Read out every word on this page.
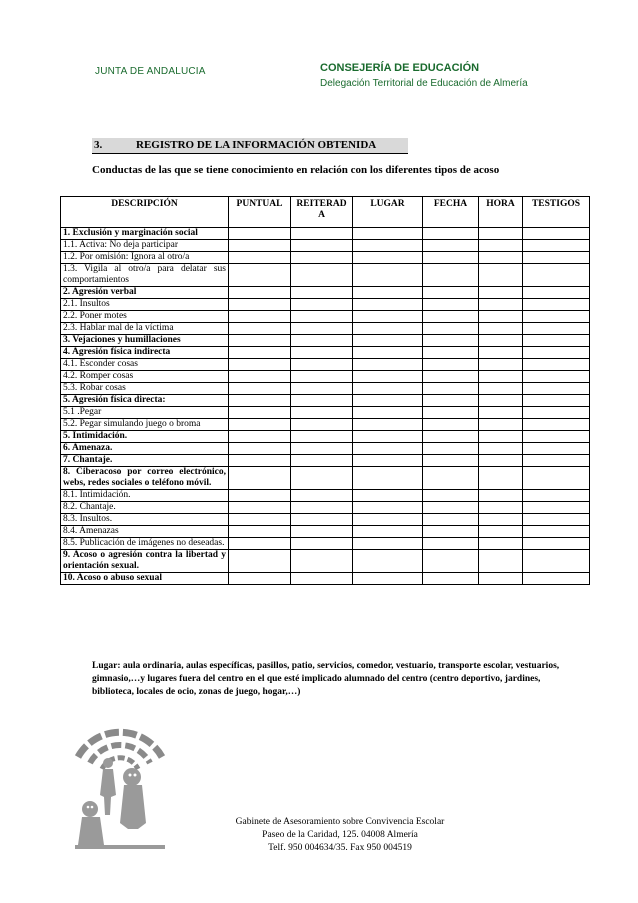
JUNTA DE ANDALUCIA	CONSEJERÍA DE EDUCACIÓN
Delegación Territorial de Educación de Almería
3.	REGISTRO DE LA INFORMACIÓN OBTENIDA
Conductas de las que se tiene conocimiento en relación con los diferentes tipos de acoso
DESCRIPCIÓN	PUNTUAL	REITERAD A	LUGAR	FECHA	HORA	TESTIGOS
1. Exclusión y marginación social						
1.1. Activa: No deja participar						
1.2. Por omisión: Ignora al otro/a						
1.3. Vigila al otro/a para delatar sus comportamientos						
2. Agresión verbal						
2.1. Insultos						
2.2. Poner motes						
2.3. Hablar mal de la víctima						
3. Vejaciones y humillaciones						
4. Agresión física indirecta						
4.1. Esconder cosas						
4.2. Romper cosas						
5.3. Robar cosas						
5. Agresión física directa:						
5.1 .Pegar						
5.2. Pegar simulando juego o broma						
5. Intimidación.						
6. Amenaza.						
7. Chantaje.						
8. Ciberacoso por correo electrónico, webs, redes sociales o teléfono móvil.						
8.1. Intimidación.						
8.2. Chantaje.						
8.3. Insultos.						
8.4. Amenazas						
8.5. Publicación de imágenes no deseadas.						
9. Acoso o agresión contra la libertad y orientación sexual.						
10. Acoso o abuso sexual						
Lugar: aula ordinaria, aulas específicas, pasillos, patio, servicios, comedor, vestuario, transporte escolar, vestuarios, gimnasio,…y lugares fuera del centro en el que esté implicado alumnado del centro (centro deportivo, jardines, biblioteca, locales de ocio, zonas de juego, hogar,…)
Gabinete de Asesoramiento sobre Convivencia Escolar
Paseo de la Caridad, 125. 04008 Almería
Telf. 950 004634/35. Fax 950 004519
